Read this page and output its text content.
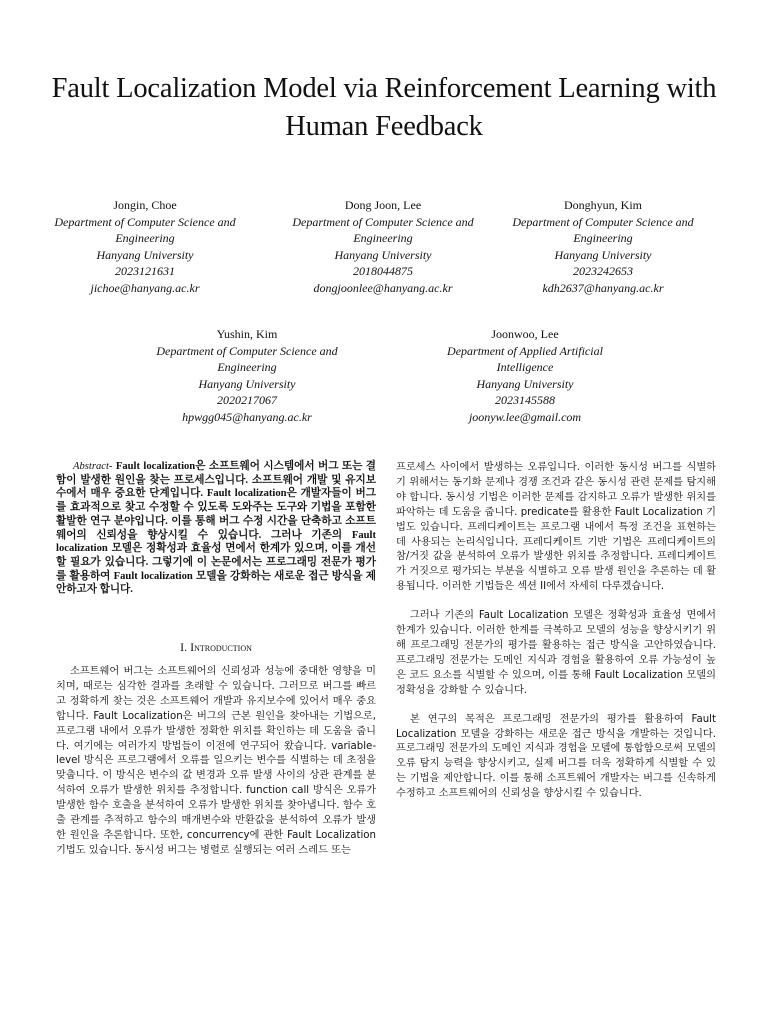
Fault Localization Model via Reinforcement Learning with Human Feedback
Jongin, Choe
Department of Computer Science and Engineering
Hanyang University
2023121631
jichoe@hanyang.ac.kr
Dong Joon, Lee
Department of Computer Science and Engineering
Hanyang University
2018044875
dongjoonlee@hanyang.ac.kr
Donghyun, Kim
Department of Computer Science and Engineering
Hanyang University
2023242653
kdh2637@hanyang.ac.kr
Yushin, Kim
Department of Computer Science and Engineering
Hanyang University
2020217067
hpwgg045@hanyang.ac.kr
Joonwoo, Lee
Department of Applied Artificial Intelligence
Hanyang University
2023145588
joonyw.lee@gmail.com
Abstract- Fault localization은 소프트웨어 시스템에서 버그 또는 결함이 발생한 원인을 찾는 프로세스입니다. 소프트웨어 개발 및 유지보수에서 매우 중요한 단계입니다. Fault localization은 개발자들이 버그를 효과적으로 찾고 수정할 수 있도록 도와주는 도구와 기법을 포함한 활발한 연구 분야입니다. 이를 통해 버그 수정 시간을 단축하고 소프트웨어의 신뢰성을 향상시킬 수 있습니다. 그러나 기존의 Fault localization 모델은 정확성과 효율성 면에서 한계가 있으며, 이를 개선할 필요가 있습니다. 그렇기에 이 논문에서는 프로그래밍 전문가 평가를 활용하여 Fault localization 모델을 강화하는 새로운 접근 방식을 제안하고자 합니다.
I. Introduction

소프트웨어 버그는 소프트웨어의 신뢰성과 성능에 중대한 영향을 미치며, 때로는 심각한 결과를 초래할 수 있습니다. 그러므로 버그를 빠르고 정확하게 찾는 것은 소프트웨어 개발과 유지보수에 있어서 매우 중요합니다. Fault Localization은 버그의 근본 원인을 찾아내는 기법으로, 프로그램 내에서 오류가 발생한 정확한 위치를 확인하는 데 도움을 줍니다. 여기에는 여러가지 방법들이 이전에 연구되어 왔습니다. variable-level 방식은 프로그램에서 오류를 일으키는 변수를 식별하는 데 초점을 맞춥니다. 이 방식은 변수의 값 변경과 오류 발생 사이의 상관 관계를 분석하여 오류가 발생한 위치를 추정합니다. function call 방식은 오류가 발생한 함수 호출을 분석하여 오류가 발생한 위치를 찾아냅니다. 함수 호출 관계를 추적하고 함수의 매개변수와 반환값을 분석하여 오류가 발생한 원인을 추론합니다. 또한, concurrency에 관한 Fault Localization 기법도 있습니다. 동시성 버그는 병렬로 실행되는 여러 스레드 또는

프로세스 사이에서 발생하는 오류입니다. 이러한 동시성 버그를 식별하기 위해서는 동기화 문제나 경쟁 조건과 같은 동시성 관련 문제를 탐지해야 합니다. 동시성 기법은 이러한 문제를 감지하고 오류가 발생한 위치를 파악하는 데 도움을 줍니다. predicate를 활용한 Fault Localization 기법도 있습니다. 프레디케이트는 프로그램 내에서 특정 조건을 표현하는데 사용되는 논리식입니다. 프레디케이트 기반 기법은 프레디케이트의 참/거짓 값을 분석하여 오류가 발생한 위치를 추정합니다. 프레디케이트가 거짓으로 평가되는 부분을 식별하고 오류 발생 원인을 추론하는 데 활용됩니다. 이러한 기법들은 섹션 II에서 자세히 다루겠습니다.

그러나 기존의 Fault Localization 모델은 정확성과 효율성 면에서 한계가 있습니다. 이러한 한계를 극복하고 모델의 성능을 향상시키기 위해 프로그래밍 전문가의 평가를 활용하는 접근 방식을 고안하였습니다. 프로그래밍 전문가는 도메인 지식과 경험을 활용하여 오류 가능성이 높은 코드 요소를 식별할 수 있으며, 이를 통해 Fault Localization 모델의 정확성을 강화할 수 있습니다.

본 연구의 목적은 프로그래밍 전문가의 평가를 활용하여 Fault Localization 모델을 강화하는 새로운 접근 방식을 개발하는 것입니다. 프로그래밍 전문가의 도메인 지식과 경험을 모델에 통합함으로써 모델의 오류 탐지 능력을 향상시키고, 실제 버그를 더욱 정확하게 식별할 수 있는 기법을 제안합니다. 이를 통해 소프트웨어 개발자는 버그를 신속하게 수정하고 소프트웨어의 신뢰성을 향상시킬 수 있습니다.
